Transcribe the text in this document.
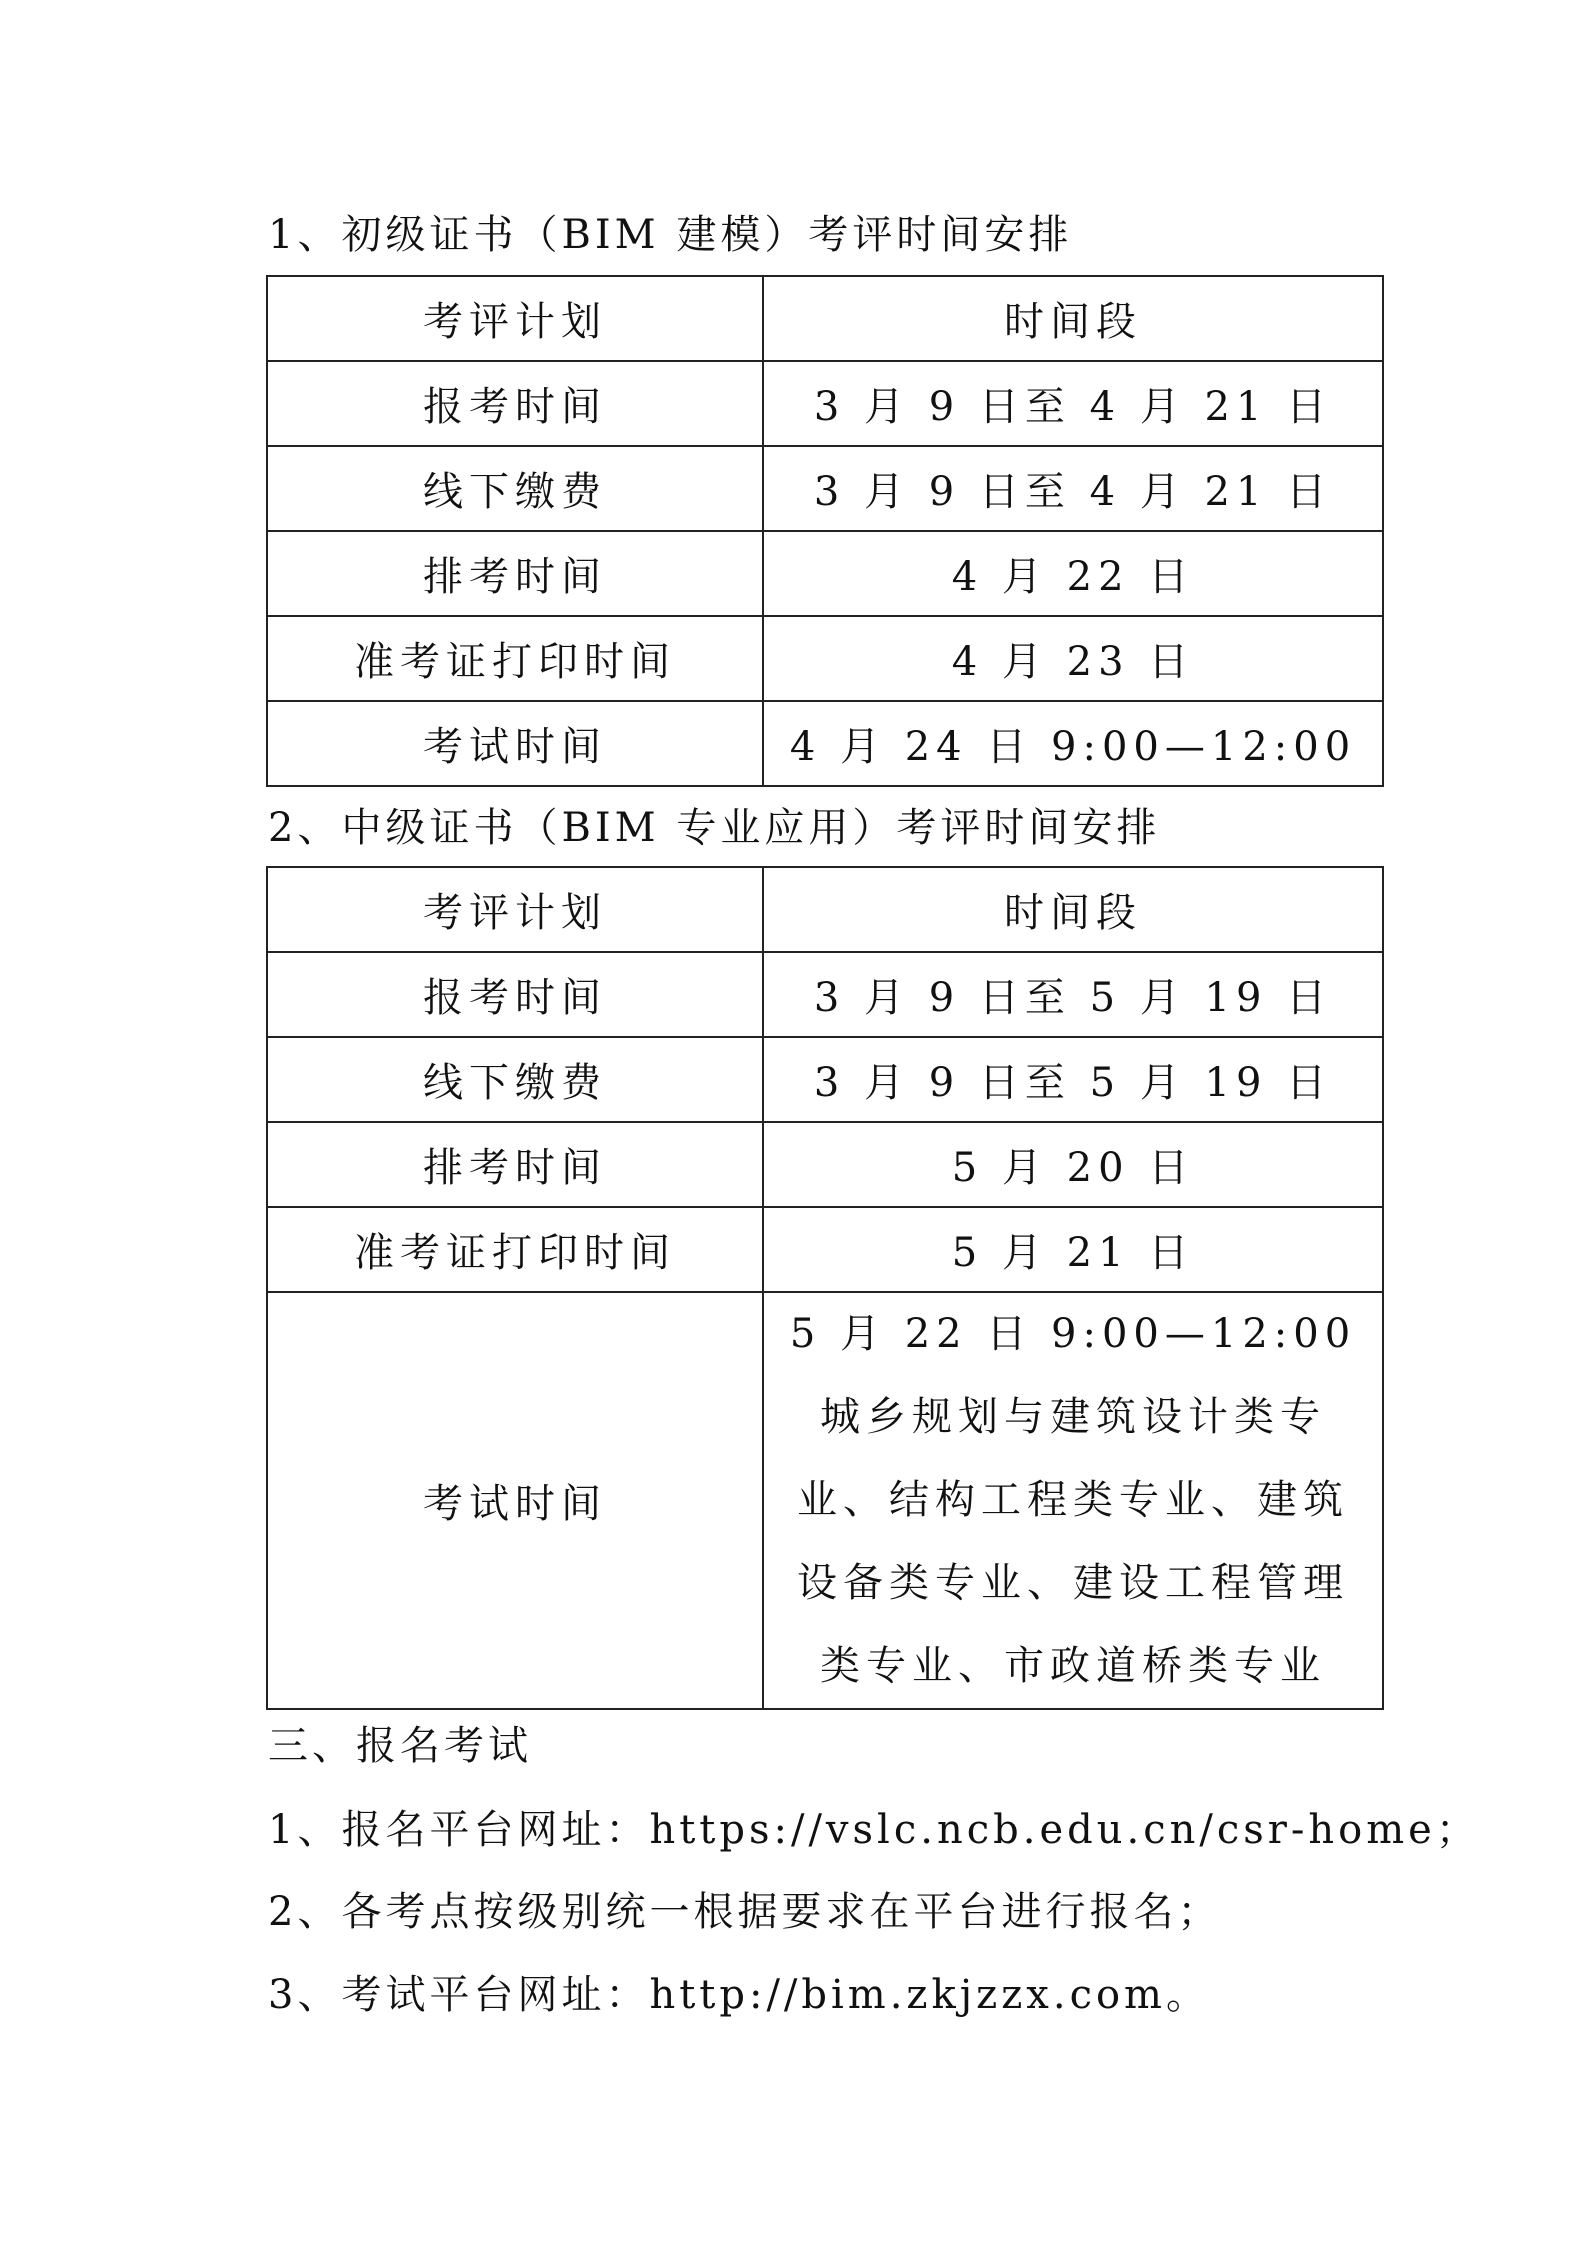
1、初级证书（BIM 建模）考评时间安排
考评计划	时间段
报考时间	3 月 9 日至 4 月 21 日
线下缴费	3 月 9 日至 4 月 21 日
排考时间	4 月 22 日
准考证打印时间	4 月 23 日
考试时间	4 月 24 日 9:00—12:00
2、中级证书（BIM 专业应用）考评时间安排
考评计划	时间段
报考时间	3 月 9 日至 5 月 19 日
线下缴费	3 月 9 日至 5 月 19 日
排考时间	5 月 20 日
准考证打印时间	5 月 21 日
考试时间	5 月 22 日 9:00—12:00
城乡规划与建筑设计类专业、结构工程类专业、建筑设备类专业、建设工程管理类专业、市政道桥类专业
三、报名考试
1、报名平台网址：https://vslc.ncb.edu.cn/csr-home；
2、各考点按级别统一根据要求在平台进行报名；
3、考试平台网址：http://bim.zkjzzx.com。
